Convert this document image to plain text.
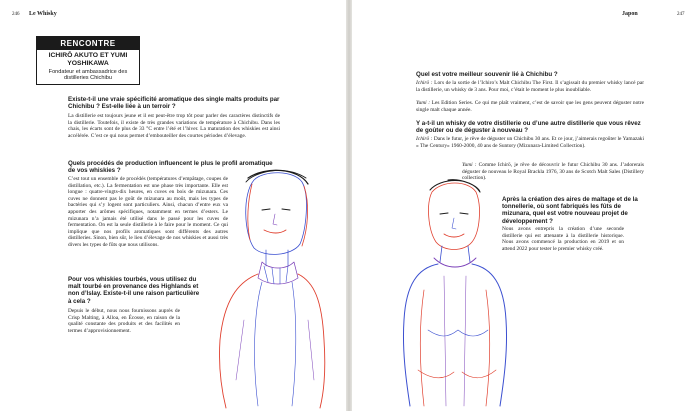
246 Le Whisky
RENCONTRE
ICHIRŌ AKUTO ET YUMI YOSHIKAWA
Fondateur et ambassadrice des distilleries Chichibu

Existe-t-il une vraie spécificité aromatique des single malts produits par Chichibu ? Est-elle liée à un terroir ?

La distillerie est toujours jeune et il est peut-être trop tôt pour parler des caractères distinctifs de la distillerie. Toutefois, il existe de très grandes variations de température à Chichibu. Dans les chais, les écarts sont de plus de 33 °C entre l’été et l’hiver. La maturation des whiskies est ainsi accélérée. C’est ce qui nous permet d’embouteiller des courtes périodes d’élevage.

Quels procédés de production influencent le plus le profil aromatique de vos whiskies ?

C’est tout un ensemble de procédés (températures d’empâtage, coupes de distillation, etc.). La fermentation est une phase très importante. Elle est longue : quatre-vingts-dix heures, en cuves en bois de mizunara. Ces cuves ne donnent pas le goût de mizunara au moût, mais les types de bactéries qui s’y logent sont particuliers. Ainsi, chacun d’entre eux va apporter des arômes spécifiques, notamment en termes d’esters. Le mizunara n’a jamais été utilisé dans le passé pour les cuves de fermentation. On est la seule distillerie à le faire pour le moment. Ce qui implique que nos profils aromatiques sont différents des autres distilleries. Sinon, bien sûr, le lieu d’élevage de nos whiskies et aussi très divers les types de fûts que nous utilisons.

Pour vos whiskies tourbés, vous utilisez du malt tourbé en provenance des Highlands et non d’Islay. Existe-t-il une raison particulière à cela ?

Depuis le début, nous nous fournissons auprès de Crisp Malting, à Alloa, en Écosse, en raison de la qualité constante des produits et des facilités en termes d’approvisionnement.

Japon	247

Quel est votre meilleur souvenir lié à Chichibu ?

Ichirō : Lors de la sortie de l’Ichiro’s Malt Chichibu The First. Il s’agissait du premier whisky lancé par la distillerie, un whisky de 3 ans. Pour moi, c’était le moment le plus inoubliable.

Yumi : Les Edition Series. Ce qui me plaît vraiment, c’est de savoir que les gens peuvent déguster notre single malt chaque année.

Y a-t-il un whisky de votre distillerie ou d’une autre distillerie que vous rêvez de goûter ou de déguster à nouveau ?

Ichirō : Dans le futur, je rêve de déguster un Chichibu 30 ans. Et ce jour, j’aimerais regoûter le Yamazaki « The Century» 1960-2000, 40 ans de Suntory (Mizunara-Limited Collection).

Yumi : Comme Ichirō, je rêve de découvrir le futur Chichibu 30 ans. J’adorerais déguster de nouveau le Royal Brackla 1976, 30 ans de Scotch Malt Sales (Distillery collection).

Après la création des aires de maltage et de la tonnellerie, où sont fabriqués les fûts de mizunara, quel est votre nouveau projet de développement ?

Nous avons entrepris la création d’une seconde distillerie qui est attenante à la distillerie historique. Nous avons commencé la production en 2019 et on attend 2022 pour tester le premier whisky créé.
